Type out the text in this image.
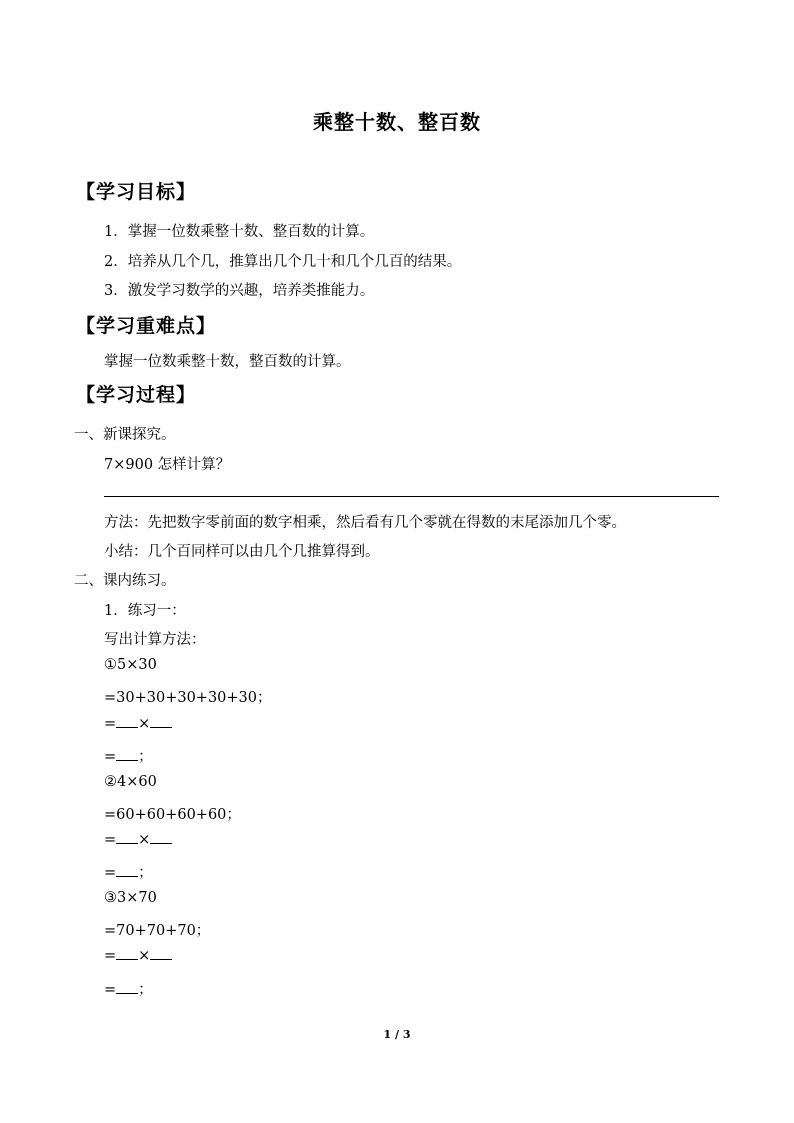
乘整十数、整百数
【学习目标】
1．掌握一位数乘整十数、整百数的计算。
2．培养从几个几，推算出几个几十和几个几百的结果。
3．激发学习数学的兴趣，培养类推能力。
【学习重难点】
掌握一位数乘整十数，整百数的计算。
【学习过程】
一、新课探究。
7×900 怎样计算？
方法：先把数字零前面的数字相乘，然后看有几个零就在得数的末尾添加几个零。
小结：几个百同样可以由几个几推算得到。
二、课内练习。
1．练习一：
写出计算方法：
①5×30
=30+30+30+30+30；
= ×
= ；
②4×60
=60+60+60+60；
= ×
= ；
③3×70
=70+70+70；
= ×
= ；
1 / 3
